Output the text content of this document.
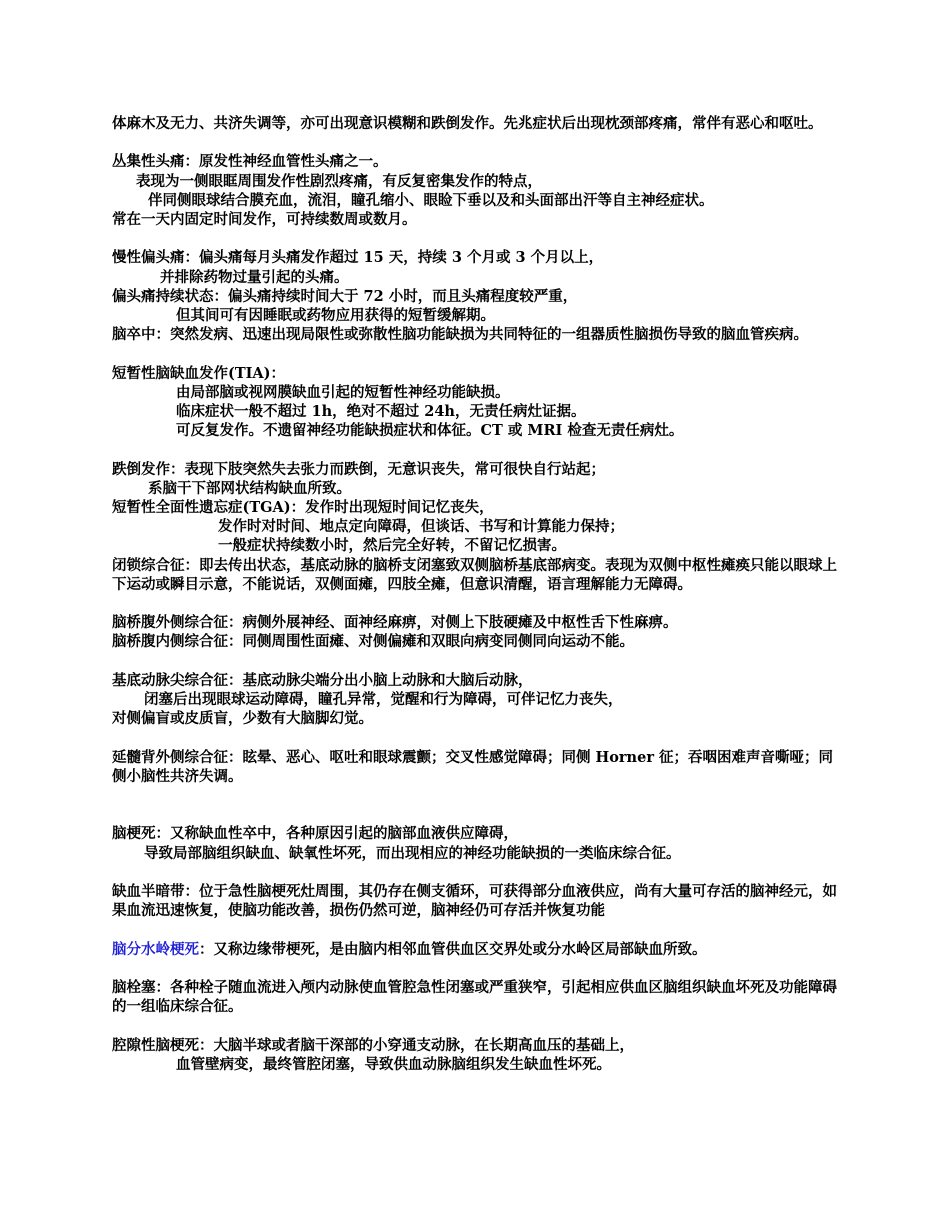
体麻木及无力、共济失调等，亦可出现意识模糊和跌倒发作。先兆症状后出现枕颈部疼痛，常伴有恶心和呕吐。
丛集性头痛：原发性神经血管性头痛之一。
表现为一侧眼眶周围发作性剧烈疼痛，有反复密集发作的特点，
伴同侧眼球结合膜充血，流泪，瞳孔缩小、眼睑下垂以及和头面部出汗等自主神经症状。
常在一天内固定时间发作，可持续数周或数月。
慢性偏头痛：偏头痛每月头痛发作超过 15 天，持续 3 个月或 3 个月以上，
并排除药物过量引起的头痛。
偏头痛持续状态：偏头痛持续时间大于 72 小时，而且头痛程度较严重，
但其间可有因睡眠或药物应用获得的短暂缓解期。
脑卒中：突然发病、迅速出现局限性或弥散性脑功能缺损为共同特征的一组器质性脑损伤导致的脑血管疾病。
短暂性脑缺血发作(TIA)：
由局部脑或视网膜缺血引起的短暂性神经功能缺损。
临床症状一般不超过 1h，绝对不超过 24h，无责任病灶证据。
可反复发作。不遗留神经功能缺损症状和体征。CT 或 MRI 检查无责任病灶。
跌倒发作：表现下肢突然失去张力而跌倒，无意识丧失，常可很快自行站起；
系脑干下部网状结构缺血所致。
短暂性全面性遗忘症(TGA)：发作时出现短时间记忆丧失，
发作时对时间、地点定向障碍，但谈话、书写和计算能力保持；
一般症状持续数小时，然后完全好转，不留记忆损害。
闭锁综合征：即去传出状态，基底动脉的脑桥支闭塞致双侧脑桥基底部病变。表现为双侧中枢性瘫痪只能以眼球上下运动或瞬目示意，不能说话，双侧面瘫，四肢全瘫，但意识清醒，语言理解能力无障碍。
脑桥腹外侧综合征：病侧外展神经、面神经麻痹，对侧上下肢硬瘫及中枢性舌下性麻痹。
脑桥腹内侧综合征：同侧周围性面瘫、对侧偏瘫和双眼向病变同侧同向运动不能。
基底动脉尖综合征：基底动脉尖端分出小脑上动脉和大脑后动脉，
闭塞后出现眼球运动障碍，瞳孔异常，觉醒和行为障碍，可伴记忆力丧失，
对侧偏盲或皮质盲，少数有大脑脚幻觉。
延髓背外侧综合征：眩晕、恶心、呕吐和眼球震颤；交叉性感觉障碍；同侧 Horner 征；吞咽困难声音嘶哑；同侧小脑性共济失调。
脑梗死：又称缺血性卒中，各种原因引起的脑部血液供应障碍，
导致局部脑组织缺血、缺氧性坏死，而出现相应的神经功能缺损的一类临床综合征。
缺血半暗带：位于急性脑梗死灶周围，其仍存在侧支循环，可获得部分血液供应，尚有大量可存活的脑神经元，如果血流迅速恢复，使脑功能改善，损伤仍然可逆，脑神经仍可存活并恢复功能
脑分水岭梗死：又称边缘带梗死，是由脑内相邻血管供血区交界处或分水岭区局部缺血所致。
脑栓塞：各种栓子随血流进入颅内动脉使血管腔急性闭塞或严重狭窄，引起相应供血区脑组织缺血坏死及功能障碍的一组临床综合征。
腔隙性脑梗死：大脑半球或者脑干深部的小穿通支动脉，在长期高血压的基础上，
血管壁病变，最终管腔闭塞，导致供血动脉脑组织发生缺血性坏死。
